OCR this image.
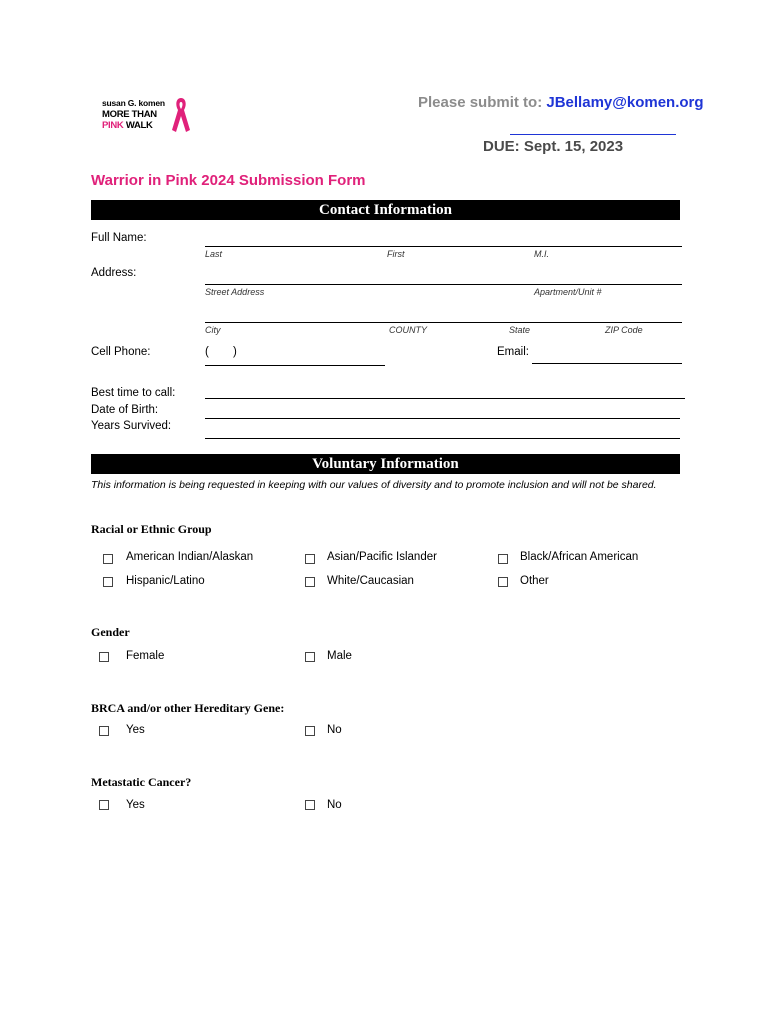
susan G. komen
MORE THAN
PINK WALK
Please submit to: JBellamy@komen.org
DUE: Sept. 15, 2023
Warrior in Pink 2024 Submission Form
Contact Information
Full Name:
Last	First	M.I.
Address:
Street Address	Apartment/Unit #
City	COUNTY	State	ZIP Code
Cell Phone:	( )	Email:
Best time to call:
Date of Birth:
Years Survived:
Voluntary Information
This information is being requested in keeping with our values of diversity and to promote inclusion and will not be shared.
Racial or Ethnic Group
American Indian/Alaskan	Asian/Pacific Islander	Black/African American
Hispanic/Latino	White/Caucasian	Other
Gender
Female	Male
BRCA and/or other Hereditary Gene:
Yes	No
Metastatic Cancer?
Yes	No
